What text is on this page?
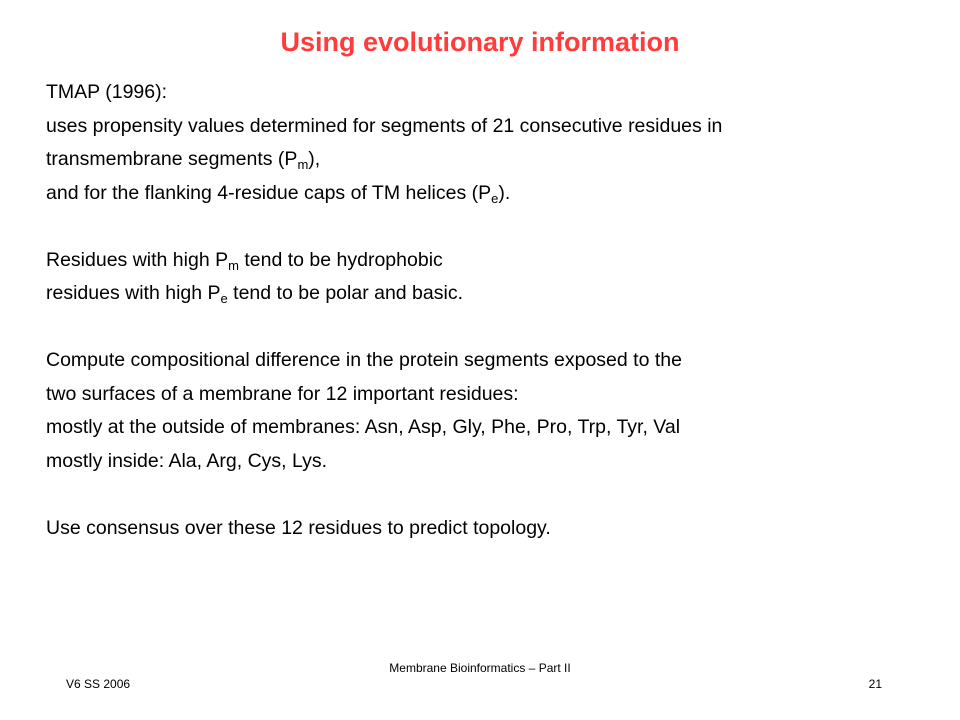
Using evolutionary information
TMAP (1996):
uses propensity values determined for segments of 21 consecutive residues in
transmembrane segments $(P_m)$,
and for the flanking 4-residue caps of TM helices $(P_e)$.
Residues with high $P_m$ tend to be hydrophobic
residues with high $P_e$ tend to be polar and basic.
Compute compositional difference in the protein segments exposed to the
two surfaces of a membrane for 12 important residues:
mostly at the outside of membranes: Asn, Asp, Gly, Phe, Pro, Trp, Tyr, Val
mostly inside: Ala, Arg, Cys, Lys.
Use consensus over these 12 residues to predict topology.
Membrane Bioinformatics – Part II
V6 SS 2006	21
